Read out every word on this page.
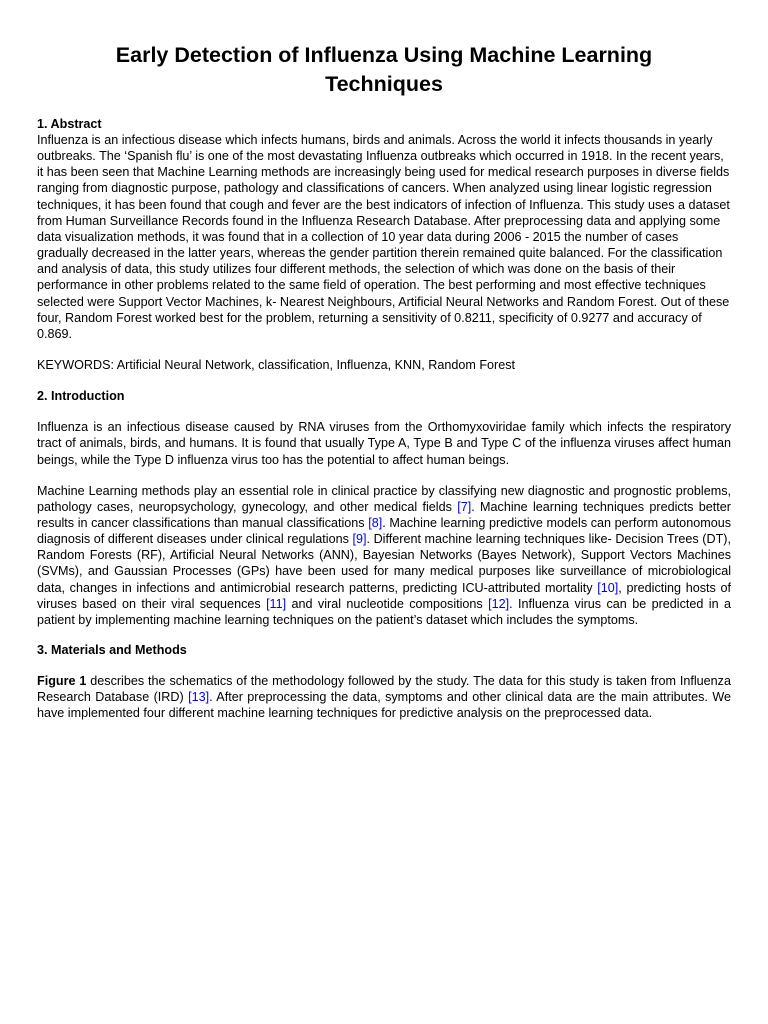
Early Detection of Influenza Using Machine Learning
Techniques
1. Abstract

Influenza is an infectious disease which infects humans, birds and animals. Across the world it infects thousands in yearly outbreaks. The ‘Spanish flu’ is one of the most devastating Influenza outbreaks which occurred in 1918. In the recent years, it has been seen that Machine Learning methods are increasingly being used for medical research purposes in diverse fields ranging from diagnostic purpose, pathology and classifications of cancers. When analyzed using linear logistic regression techniques, it has been found that cough and fever are the best indicators of infection of Influenza. This study uses a dataset from Human Surveillance Records found in the Influenza Research Database. After preprocessing data and applying some data visualization methods, it was found that in a collection of 10 year data during 2006 - 2015 the number of cases gradually decreased in the latter years, whereas the gender partition therein remained quite balanced. For the classification and analysis of data, this study utilizes four different methods, the selection of which was done on the basis of their performance in other problems related to the same field of operation. The best performing and most effective techniques selected were Support Vector Machines, k- Nearest Neighbours, Artificial Neural Networks and Random Forest. Out of these four, Random Forest worked best for the problem, returning a sensitivity of 0.8211, specificity of 0.9277 and accuracy of 0.869.

KEYWORDS: Artificial Neural Network, classification, Influenza, KNN, Random Forest

2. Introduction

Influenza is an infectious disease caused by RNA viruses from the Orthomyxoviridae family which infects the respiratory tract of animals, birds, and humans. It is found that usually Type A, Type B and Type C of the influenza viruses affect human beings, while the Type D influenza virus too has the potential to affect human beings.

Machine Learning methods play an essential role in clinical practice by classifying new diagnostic and prognostic problems, pathology cases, neuropsychology, gynecology, and other medical fields [7]. Machine learning techniques predicts better results in cancer classifications than manual classifications [8]. Machine learning predictive models can perform autonomous diagnosis of different diseases under clinical regulations [9]. Different machine learning techniques like- Decision Trees (DT), Random Forests (RF), Artificial Neural Networks (ANN), Bayesian Networks (Bayes Network), Support Vectors Machines (SVMs), and Gaussian Processes (GPs) have been used for many medical purposes like surveillance of microbiological data, changes in infections and antimicrobial research patterns, predicting ICU-attributed mortality [10], predicting hosts of viruses based on their viral sequences [11] and viral nucleotide compositions [12]. Influenza virus can be predicted in a patient by implementing machine learning techniques on the patient’s dataset which includes the symptoms.

3. Materials and Methods

Figure 1 describes the schematics of the methodology followed by the study. The data for this study is taken from Influenza Research Database (IRD) [13]. After preprocessing the data, symptoms and other clinical data are the main attributes. We have implemented four different machine learning techniques for predictive analysis on the preprocessed data.
